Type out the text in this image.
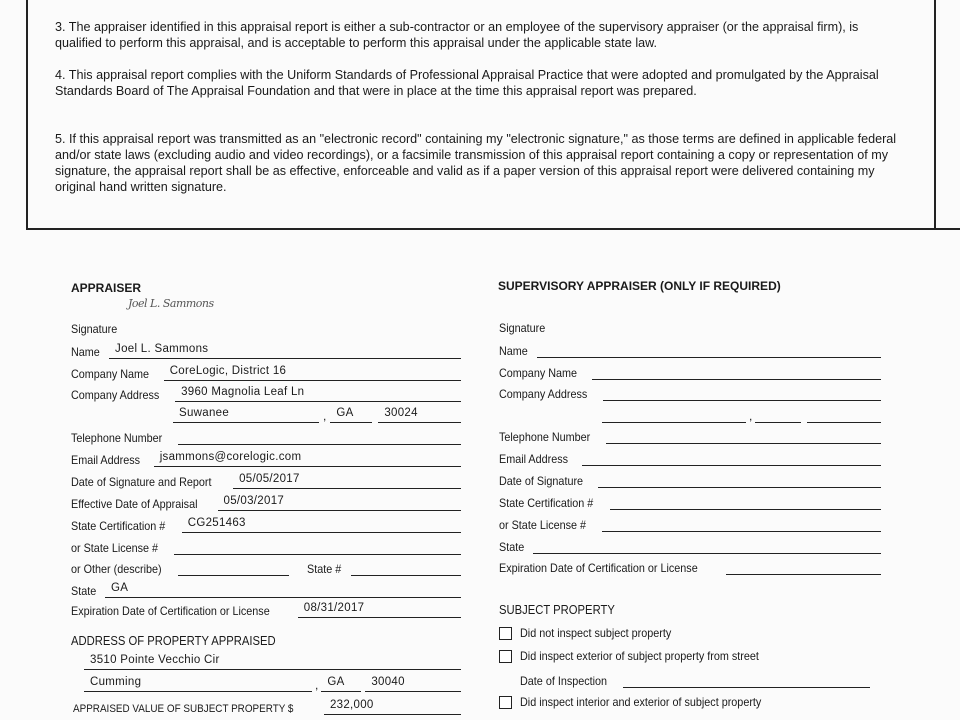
3. The appraiser identified in this appraisal report is either a sub-contractor or an employee of the supervisory appraiser (or the appraisal firm), is qualified to perform this appraisal, and is acceptable to perform this appraisal under the applicable state law.
4. This appraisal report complies with the Uniform Standards of Professional Appraisal Practice that were adopted and promulgated by the Appraisal Standards Board of The Appraisal Foundation and that were in place at the time this appraisal report was prepared.
5. If this appraisal report was transmitted as an "electronic record" containing my "electronic signature," as those terms are defined in applicable federal and/or state laws (excluding audio and video recordings), or a facsimile transmission of this appraisal report containing a copy or representation of my signature, the appraisal report shall be as effective, enforceable and valid as if a paper version of this appraisal report were delivered containing my original hand written signature.
APPRAISER
Joel L. Sammons
Signature
Name	Joel L. Sammons
Company Name	CoreLogic, District 16
Company Address	3960 Magnolia Leaf Ln
Suwanee	, GA	30024
Telephone Number
Email Address	jsammons@corelogic.com
Date of Signature and Report	05/05/2017
Effective Date of Appraisal	05/03/2017
State Certification #	CG251463
or State License #
or Other (describe)	State #
State	GA
Expiration Date of Certification or License	08/31/2017
ADDRESS OF PROPERTY APPRAISED
3510 Pointe Vecchio Cir
Cumming	, GA	30040
APPRAISED VALUE OF SUBJECT PROPERTY $	232,000
SUPERVISORY APPRAISER (ONLY IF REQUIRED)
Signature
Name
Company Name
Company Address
,
Telephone Number
Email Address
Date of Signature
State Certification #
or State License #
State
Expiration Date of Certification or License
SUBJECT PROPERTY
Did not inspect subject property
Did inspect exterior of subject property from street
Date of Inspection
Did inspect interior and exterior of subject property
